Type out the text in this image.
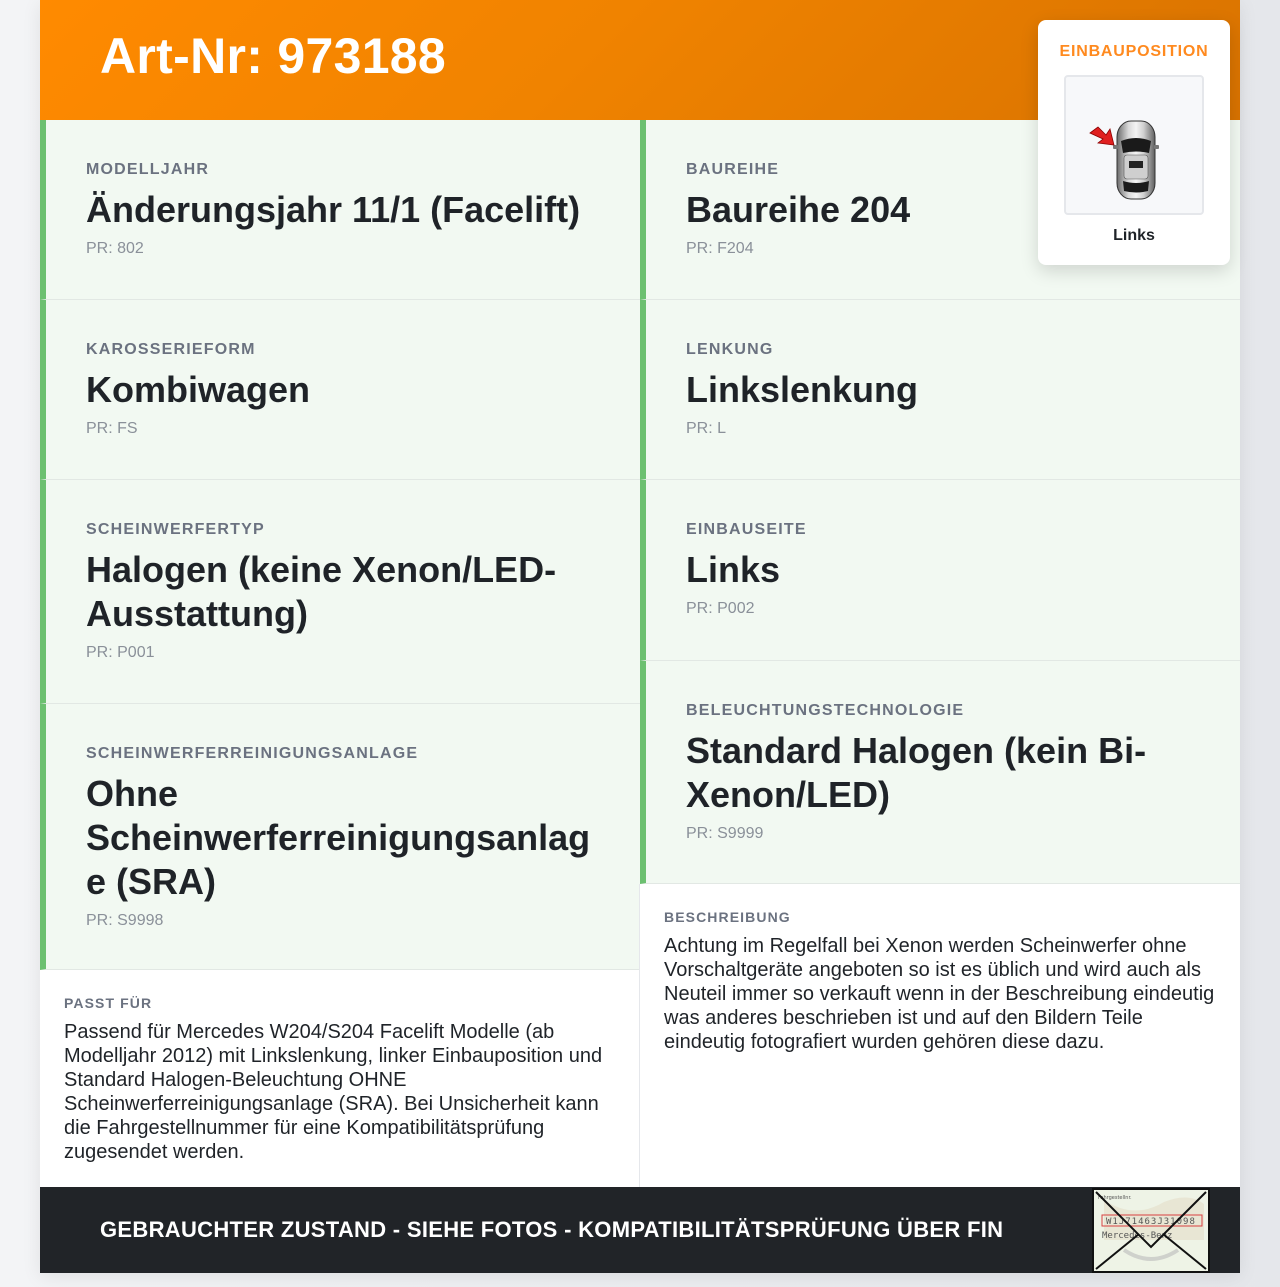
Art-Nr: 973188	EINBAUPOSITION
Links
MODELLJAHR
Änderungsjahr 11/1 (Facelift)
PR: 802
KAROSSERIEFORM
Kombiwagen
PR: FS
SCHEINWERFERTYP
Halogen (keine Xenon/LED-Ausstattung)
PR: P001
SCHEINWERFERREINIGUNGSANLAGE
Ohne Scheinwerferreinigungsanlage (SRA)
PR: S9998
BAUREIHE
Baureihe 204
PR: F204
LENKUNG
Linkslenkung
PR: L
EINBAUSEITE
Links
PR: P002
BELEUCHTUNGSTECHNOLOGIE
Standard Halogen (kein Bi-Xenon/LED)
PR: S9999
PASST FÜR
Passend für Mercedes W204/S204 Facelift Modelle (ab Modelljahr 2012) mit Linkslenkung, linker Einbauposition und Standard Halogen-Beleuchtung OHNE Scheinwerferreinigungsanlage (SRA). Bei Unsicherheit kann die Fahrgestellnummer für eine Kompatibilitätsprüfung zugesendet werden.
BESCHREIBUNG
Achtung im Regelfall bei Xenon werden Scheinwerfer ohne Vorschaltgeräte angeboten so ist es üblich und wird auch als Neuteil immer so verkauft wenn in der Beschreibung eindeutig was anderes beschrieben ist und auf den Bildern Teile eindeutig fotografiert wurden gehören diese dazu.
GEBRAUCHTER ZUSTAND - SIEHE FOTOS - KOMPATIBILITÄTSPRÜFUNG ÜBER FIN
Fahrgestellnr.
W1J71463J31098
Mercedes-Benz
